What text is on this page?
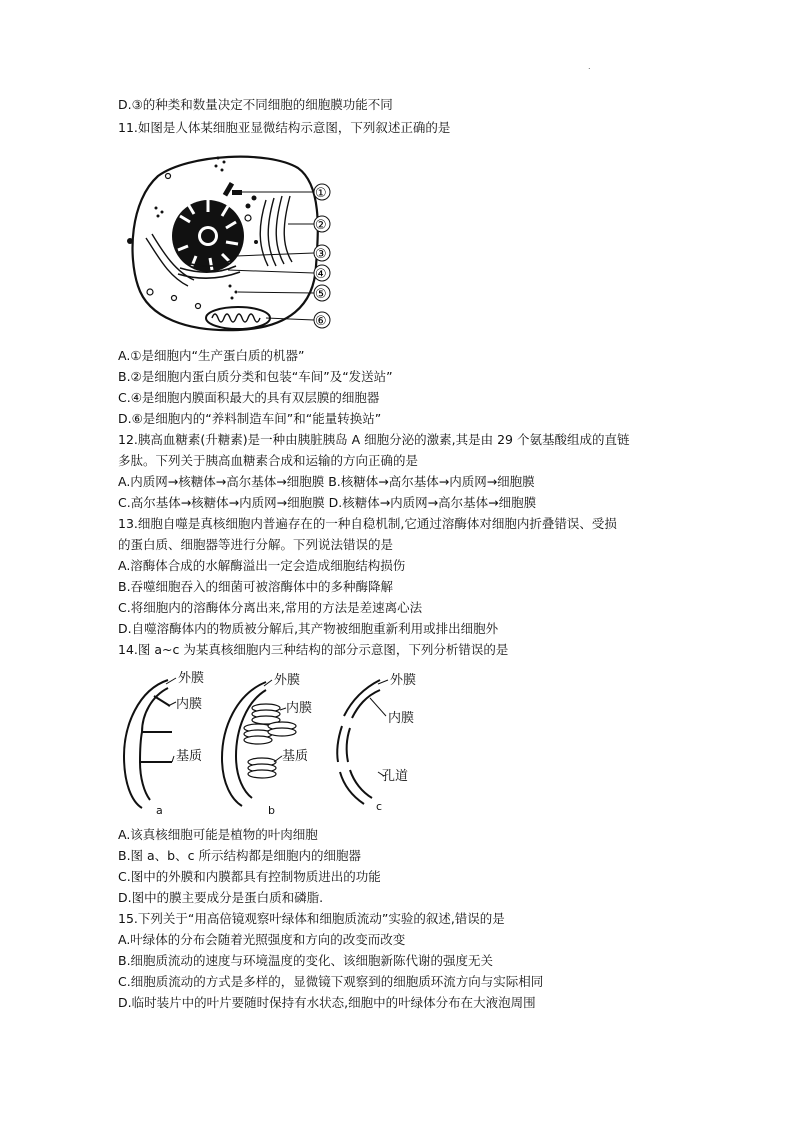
.
D.③的种类和数量决定不同细胞的细胞膜功能不同
11.如图是人体某细胞亚显微结构示意图，下列叙述正确的是
①
②
③
④
⑤
⑥
A.①是细胞内“生产蛋白质的机器”
B.②是细胞内蛋白质分类和包装“车间”及“发送站”
C.④是细胞内膜面积最大的具有双层膜的细胞器
D.⑥是细胞内的“养料制造车间”和“能量转换站”
12.胰高血糖素(升糖素)是一种由胰脏胰岛 A 细胞分泌的激素,其是由 29 个氨基酸组成的直链
多肽。下列关于胰高血糖素合成和运输的方向正确的是
A.内质网→核糖体→高尔基体→细胞膜 B.核糖体→高尔基体→内质网→细胞膜
C.高尔基体→核糖体→内质网→细胞膜 D.核糖体→内质网→高尔基体→细胞膜
13.细胞自噬是真核细胞内普遍存在的一种自稳机制,它通过溶酶体对细胞内折叠错误、受损
的蛋白质、细胞器等进行分解。下列说法错误的是
A.溶酶体合成的水解酶溢出一定会造成细胞结构损伤
B.吞噬细胞吞入的细菌可被溶酶体中的多种酶降解
C.将细胞内的溶酶体分离出来,常用的方法是差速离心法
D.自噬溶酶体内的物质被分解后,其产物被细胞重新利用或排出细胞外
14.图 a~c 为某真核细胞内三种结构的部分示意图，下列分析错误的是
外膜
内膜
基质
a
外膜
内膜
基质
b
外膜
内膜
孔道
c
A.该真核细胞可能是植物的叶肉细胞
B.图 a、b、c 所示结构都是细胞内的细胞器
C.图中的外膜和内膜都具有控制物质进出的功能
D.图中的膜主要成分是蛋白质和磷脂.
15.下列关于“用高倍镜观察叶绿体和细胞质流动”实验的叙述,错误的是
A.叶绿体的分布会随着光照强度和方向的改变而改变
B.细胞质流动的速度与环境温度的变化、该细胞新陈代谢的强度无关
C.细胞质流动的方式是多样的，显微镜下观察到的细胞质环流方向与实际相同
D.临时装片中的叶片要随时保持有水状态,细胞中的叶绿体分布在大液泡周围
